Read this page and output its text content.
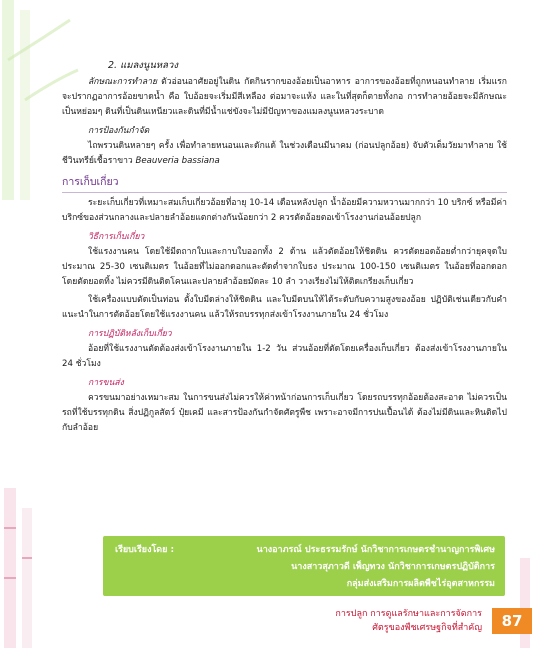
2. แมลงนูนหลวง

ลักษณะการทำลาย ตัวอ่อนอาศัยอยู่ในดิน กัดกินรากของอ้อยเป็นอาหาร อาการของอ้อยที่ถูกหนอนทำลาย เริ่มแรกจะปรากฏอาการอ้อยขาดน้ำ คือ ใบอ้อยจะเริ่มมีสีเหลือง ต่อมาจะแห้ง และในที่สุดก็ตายทั้งกอ การทำลายอ้อยจะมีลักษณะเป็นหย่อมๆ ดินที่เป็นดินเหนียวและดินที่มีน้ำแช่ขังจะไม่มีปัญหาของแมลงนูนหลวงระบาด

การป้องกันกำจัด

ไถพรวนดินหลายๆ ครั้ง เพื่อทำลายหนอนและดักแด้ ในช่วงเดือนมีนาคม (ก่อนปลูกอ้อย) จับตัวเต็มวัยมาทำลาย ใช้ชีวินทรีย์เชื้อราขาว Beauveria bassiana

การเก็บเกี่ยว

ระยะเก็บเกี่ยวที่เหมาะสมเก็บเกี่ยวอ้อยที่อายุ 10-14 เดือนหลังปลูก น้ำอ้อยมีความหวานมากกว่า 10 บริกซ์ หรือมีค่าบริกซ์ของส่วนกลางและปลายลำอ้อยแตกต่างกันน้อยกว่า 2 ควรตัดอ้อยตอเข้าโรงงานก่อนอ้อยปลูก

วิธีการเก็บเกี่ยว

ใช้แรงงานคน โดยใช้มีดถากใบและกาบใบออกทั้ง 2 ด้าน แล้วตัดอ้อยให้ชิดดิน ควรตัดยอดอ้อยต่ำกว่ายุคจุดใบประมาณ 25-30 เซนติเมตร ในอ้อยที่ไม่ออกดอกและตัดต่ำจากใบธง ประมาณ 100-150 เซนติเมตร ในอ้อยที่ออกดอกโดยตัดยอดทิ้ง ไม่ควรมีดินติดโคนและปลายลำอ้อยมัดละ 10 ลำ วางเรียงไม่ให้ติดเกรียงเก็บเกี่ยว

ใช้เครื่องแบบตัดเป็นท่อน ตั้งใบมีดล่างให้ชิดดิน และใบมีดบนให้ได้ระดับกับความสูงของอ้อย ปฏิบัติเช่นเดียวกับคำแนะนำในการตัดอ้อยโดยใช้แรงงานคน แล้วให้รถบรรทุกส่งเข้าโรงงานภายใน 24 ชั่วโมง

การปฏิบัติหลังเก็บเกี่ยว

อ้อยที่ใช้แรงงานตัดต้องส่งเข้าโรงงานภายใน 1-2 วัน ส่วนอ้อยที่ตัดโดยเครื่องเก็บเกี่ยว ต้องส่งเข้าโรงงานภายใน 24 ชั่วโมง

การขนส่ง

ควรขนมาอย่างเหมาะสม ในการขนส่งไม่ควรให้ค่าหน้าก่อนการเก็บเกี่ยว โดยรถบรรทุกอ้อยต้องสะอาด ไม่ควรเป็นรถที่ใช้บรรทุกดิน สิ่งปฏิกูลสัตว์ ปุ๋ยเคมี และสารป้องกันกำจัดศัตรูพืช เพราะอาจมีการปนเปื้อนได้ ต้องไม่มีดินและหินติดไปกับลำอ้อย

เรียบเรียงโดย :	นางอาภรณ์ ประธรรมรักษ์ นักวิชาการเกษตรชำนาญการพิเศษ
นางสาวสุภาวดี เพ็ญทวง นักวิชาการเกษตรปฏิบัติการ
กลุ่มส่งเสริมการผลิตพืชไร่อุตสาหกรรม
การปลูก การดูแลรักษาและการจัดการ
ศัตรูของพืชเศรษฐกิจที่สำคัญ	87
